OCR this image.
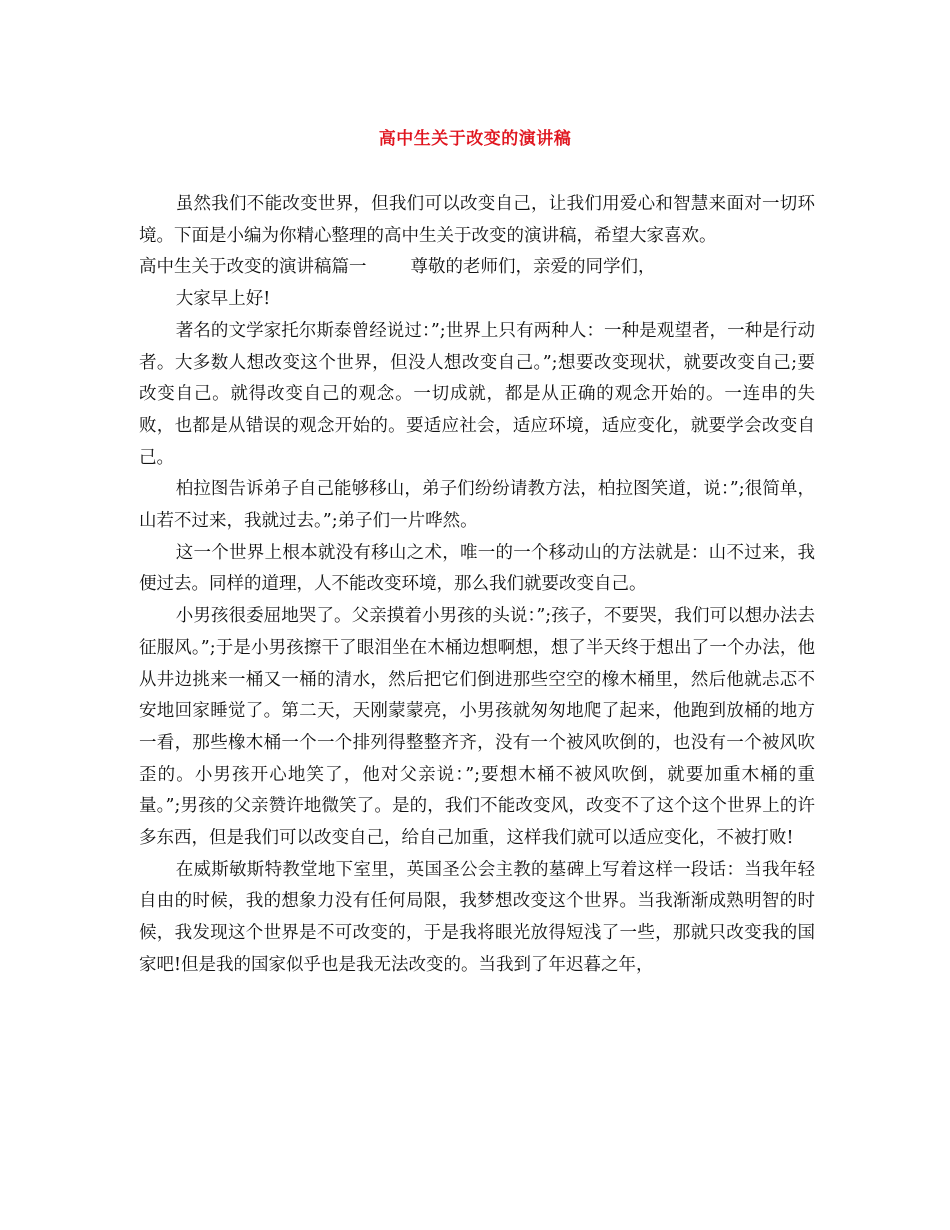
高中生关于改变的演讲稿

虽然我们不能改变世界，但我们可以改变自己，让我们用爱心和智慧来面对一切环境。下面是小编为你精心整理的高中生关于改变的演讲稿，希望大家喜欢。

高中生关于改变的演讲稿篇一	尊敬的老师们，亲爱的同学们，

大家早上好!

著名的文学家托尔斯泰曾经说过：”;世界上只有两种人：一种是观望者，一种是行动者。大多数人想改变这个世界，但没人想改变自己。”;想要改变现状，就要改变自己;要改变自己。就得改变自己的观念。一切成就，都是从正确的观念开始的。一连串的失败，也都是从错误的观念开始的。要适应社会，适应环境，适应变化，就要学会改变自己。

柏拉图告诉弟子自己能够移山，弟子们纷纷请教方法，柏拉图笑道，说：”;很简单，山若不过来，我就过去。”;弟子们一片哗然。

这一个世界上根本就没有移山之术，唯一的一个移动山的方法就是：山不过来，我便过去。同样的道理，人不能改变环境，那么我们就要改变自己。

小男孩很委屈地哭了。父亲摸着小男孩的头说：”;孩子，不要哭，我们可以想办法去征服风。”;于是小男孩擦干了眼泪坐在木桶边想啊想，想了半天终于想出了一个办法，他从井边挑来一桶又一桶的清水，然后把它们倒进那些空空的橡木桶里，然后他就忐忑不安地回家睡觉了。第二天，天刚蒙蒙亮，小男孩就匆匆地爬了起来，他跑到放桶的地方一看，那些橡木桶一个一个排列得整整齐齐，没有一个被风吹倒的，也没有一个被风吹歪的。小男孩开心地笑了，他对父亲说：”;要想木桶不被风吹倒，就要加重木桶的重量。”;男孩的父亲赞许地微笑了。是的，我们不能改变风，改变不了这个这个世界上的许多东西，但是我们可以改变自己，给自己加重，这样我们就可以适应变化，不被打败!

在威斯敏斯特教堂地下室里，英国圣公会主教的墓碑上写着这样一段话：当我年轻自由的时候，我的想象力没有任何局限，我梦想改变这个世界。当我渐渐成熟明智的时候，我发现这个世界是不可改变的，于是我将眼光放得短浅了一些，那就只改变我的国家吧!但是我的国家似乎也是我无法改变的。当我到了年迟暮之年，
